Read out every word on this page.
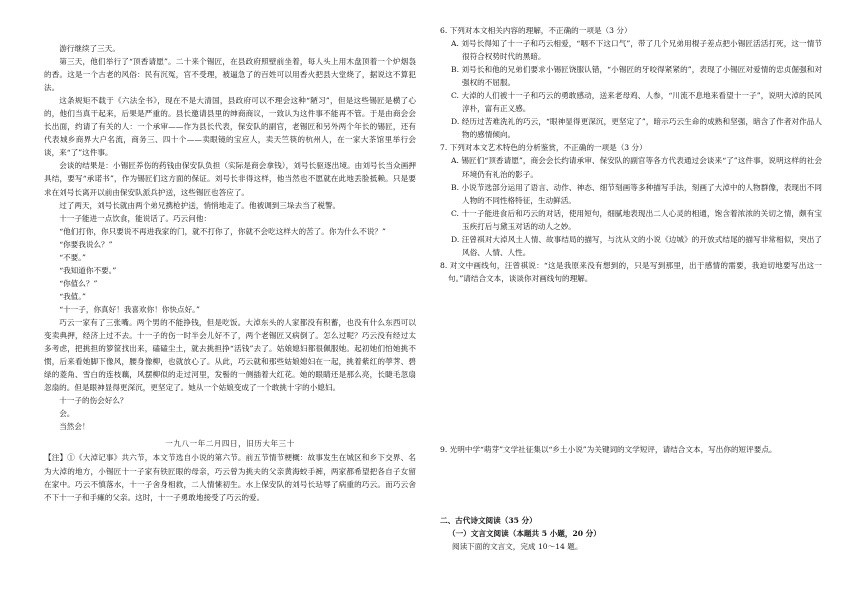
游行继续了三天。

第三天，他们举行了“顶香请愿”。二十来个锡匠，在县政府照壁前坐着，每人头上用木盘顶着一个炉烟袅的香。这是一个古老的风俗：民有沉冤，官不受理，被逼急了的百姓可以用香火把县大堂烧了，据说这不算犯法。

这条规矩不载于《六法全书》，现在不是大清国，县政府可以不理会这种“陋习”，但是这些锡匠是横了心的，他们当真干起来，后果是严重的。县长邀请县里的绅商商议，一致认为这件事不能再不管。于是由商会会长出面，约请了有关的人：一个承审——作为县长代表，保安队的副官，老锡匠和另外两个年长的锡匠，还有代表城乡商界大户名流，商务三、四十个——卖眼镜的宝应人，卖天竺筷的杭州人，在一家大茶馆里举行会谈，来“了”这件事。

会谈的结果是：小锡匠养伤的药钱由保安队负担（实际是商会拿钱），刘号长驱逐出境。由刘号长当众画押具结，要写“承诺书”，作为锡匠们这方面的保证。刘号长非得这样，他当然也不愿就在此地丢脸抵赖。只是要求在刘号长离开以前由保安队派兵护送，这些锡匠也答应了。

过了两天，刘号长就由两个弟兄携枪护送，悄悄地走了。他被调到三垛去当了税警。

十一子能进一点饮食，能说话了。巧云问他：

“他们打你，你只要说不再进我家的门，就不打你了，你就不会吃这样大的苦了。你为什么不说？”

“你要我说么？”

“不要。”

“我知道你不要。”

“你值么？”

“我值。”

“十一子，你真好！我喜欢你！你快点好。”

巧云一家有了三张嘴。两个男的不能挣钱，但是吃饭。大淖东头的人家都没有积蓄，也没有什么东西可以变卖典押，经济上过不去。十一子的伤一时半会儿好不了，两个老锡匠又病倒了。怎么过呢？巧云没有经过太多考虑，把挑担的箩筐找出来，磕磕尘土，就去挑担挣“活钱”去了。姑娘媳妇都很佩服她。起初她们怕她挑不惯，后来看她脚下像风，腰身像柳，也就放心了。从此，巧云就和那些姑娘媳妇在一起，挑着紫红的荸荠、碧绿的菱角、雪白的连枝藕，风摆柳似的走过河里，发髻的一侧插着大红花。她的眼睛还是那么亮，长睫毛忽扇忽扇的。但是眼神显得更深沉，更坚定了。她从一个姑娘变成了一个敢挑十字的小媳妇。

十一子的伤会好么？

会。

当然会！

一九八一年二月四日，旧历大年三十

【注】①《大淖记事》共六节，本文节选自小说的第六节。前五节情节梗概：故事发生在城区和乡下交界、名为大淖的地方，小锡匠十一子家有铁匠眼的母亲，巧云曾为挑夫的父亲黄海蛟手裤，两家都希望把各自子女留在家中。巧云不慎落水，十一子舍身相救，二人情愫初生。水上保安队的刘号长玷辱了病重的巧云。而巧云舍不下十一子和手瘫的父亲。这时，十一子勇敢地接受了巧云的爱。

6. 下列对本文相关内容的理解，不正确的一项是（3 分）

A. 刘号长得知了十一子和巧云相爱，“咽不下这口气”，带了几个兄弟用棍子差点把小锡匠活活打死，这一情节很符合权势时代的黑暗。

B. 刘号长和他的兄弟们要求小锡匠饶服认错，“小锡匠的牙咬得紧紧的”，表现了小锡匠对爱情的忠贞倔强和对强权的不屈服。

C. 大淖的人们被十一子和巧云的勇敢感动，送来老母鸡、人参，“川流不息地来看望十一子”，说明大淖的民风淳朴，富有正义感。

D. 经历过苦难洗礼的巧云，“眼神显得更深沉，更坚定了”，暗示巧云生命的成熟和坚强，暗含了作者对作品人物的感情倾向。

7. 下列对本文艺术特色的分析鉴赏，不正确的一项是（3 分）

A. 锡匠们“顶香请愿”，商会会长约请承审、保安队的副官等各方代表通过会谈来“了”这件事，说明这样的社会环境仍有礼治的影子。

B. 小说节选部分运用了语言、动作、神态、细节刻画等多种描写手法，刻画了大淖中的人物群像，表现出不同人物的不同性格特征，生动鲜活。

C. 十一子能进食后和巧云的对话，使用短句，细腻地表现出二人心灵的相通，饱含着浓浓的关切之情，颇有宝玉疾打后与黛玉对话的动人之妙。

D. 汪曾祺对大淖风土人情、故事结局的描写，与沈从文的小说《边城》的开放式结尾的描写非常相似，突出了风俗、人情、人性。

8. 对文中画线句，汪曾祺说：“这是我原来没有想到的，只是写到那里，出于感情的需要，我迫切地要写出这一句。”请结合文本，谈谈你对画线句的理解。

9. 光明中学“萌芽”文学社征集以“乡土小说”为关键词的文学短评，请结合文本，写出你的短评要点。

二、古代诗文阅读（35 分）

（一）文言文阅读（本题共 5 小题，20 分）

阅读下面的文言文，完成 10～14 题。
